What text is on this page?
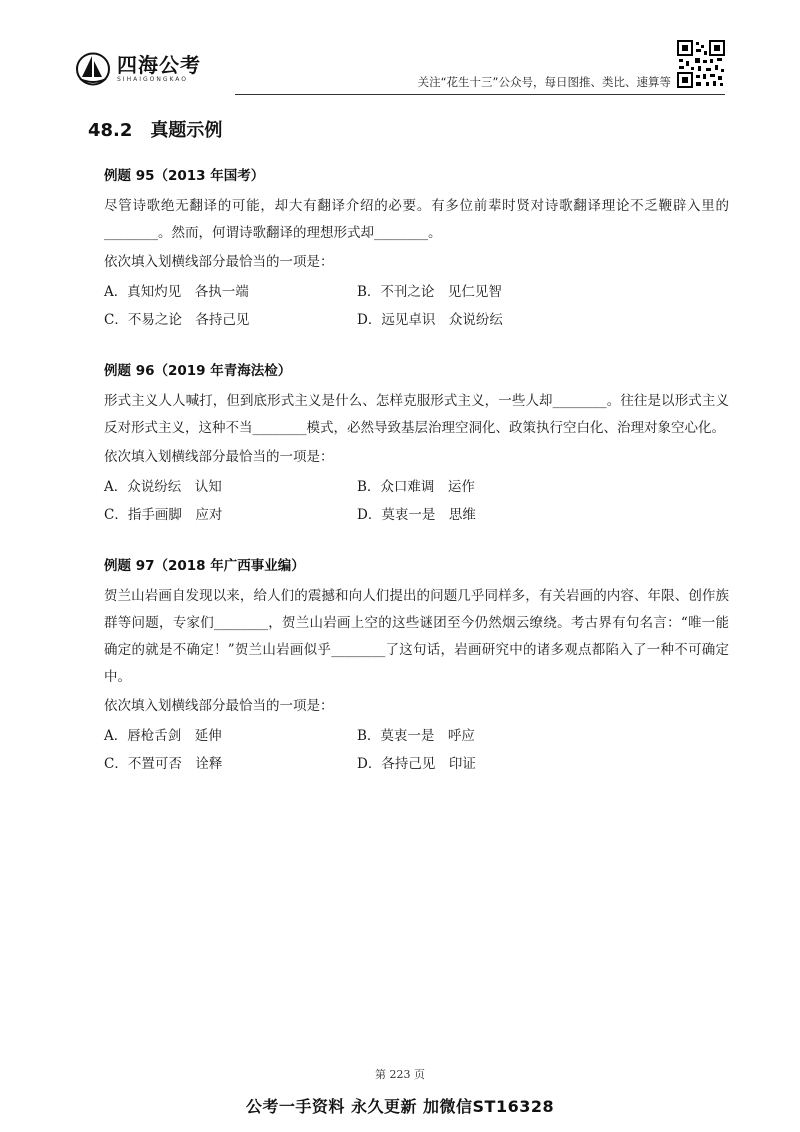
四海公考
SIHAIGONGKAO	关注“花生十三”公众号，每日图推、类比、速算等
48.2 真题示例
例题 95（2013 年国考）

尽管诗歌绝无翻译的可能，却大有翻译介绍的必要。有多位前辈时贤对诗歌翻译理论不乏鞭辟入里的________。然而，何谓诗歌翻译的理想形式却________。

依次填入划横线部分最恰当的一项是：

A．真知灼见　各执一端	B．不刊之论　见仁见智
C．不易之论　各持己见	D．远见卓识　众说纷纭
例题 96（2019 年青海法检）

形式主义人人喊打，但到底形式主义是什么、怎样克服形式主义，一些人却________。往往是以形式主义反对形式主义，这种不当________模式，必然导致基层治理空洞化、政策执行空白化、治理对象空心化。

依次填入划横线部分最恰当的一项是：

A．众说纷纭　认知	B．众口难调　运作
C．指手画脚　应对	D．莫衷一是　思维
例题 97（2018 年广西事业编）

贺兰山岩画自发现以来，给人们的震撼和向人们提出的问题几乎同样多，有关岩画的内容、年限、创作族群等问题，专家们________，贺兰山岩画上空的这些谜团至今仍然烟云缭绕。考古界有句名言：“唯一能确定的就是不确定！”贺兰山岩画似乎________了这句话，岩画研究中的诸多观点都陷入了一种不可确定中。

依次填入划横线部分最恰当的一项是：

A．唇枪舌剑　延伸	B．莫衷一是　呼应
C．不置可否　诠释	D．各持己见　印证
第 223 页
公考一手资料 永久更新 加微信ST16328
